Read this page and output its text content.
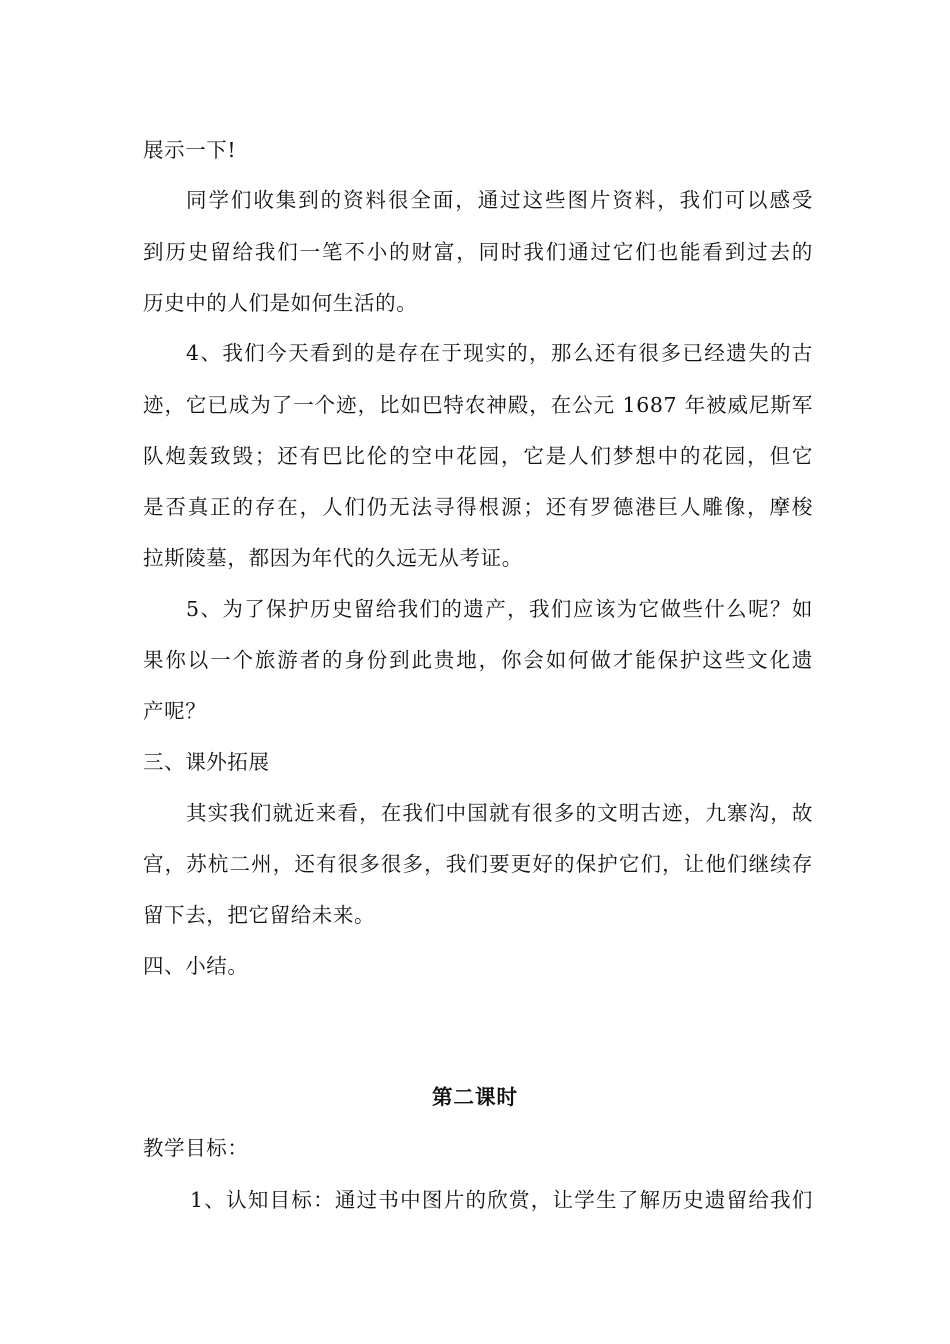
展示一下!
同学们收集到的资料很全面，通过这些图片资料，我们可以感受
到历史留给我们一笔不小的财富，同时我们通过它们也能看到过去的
历史中的人们是如何生活的。
4、我们今天看到的是存在于现实的，那么还有很多已经遗失的古
迹，它已成为了一个迹，比如巴特农神殿，在公元 1687 年被威尼斯军
队炮轰致毁；还有巴比伦的空中花园，它是人们梦想中的花园，但它
是否真正的存在，人们仍无法寻得根源；还有罗德港巨人雕像，摩梭
拉斯陵墓，都因为年代的久远无从考证。
5、为了保护历史留给我们的遗产，我们应该为它做些什么呢？如
果你以一个旅游者的身份到此贵地，你会如何做才能保护这些文化遗
产呢？
三、课外拓展
其实我们就近来看，在我们中国就有很多的文明古迹，九寨沟，故
宫，苏杭二州，还有很多很多，我们要更好的保护它们，让他们继续存
留下去，把它留给未来。
四、小结。
第二课时
教学目标：
1、认知目标：通过书中图片的欣赏，让学生了解历史遗留给我们
